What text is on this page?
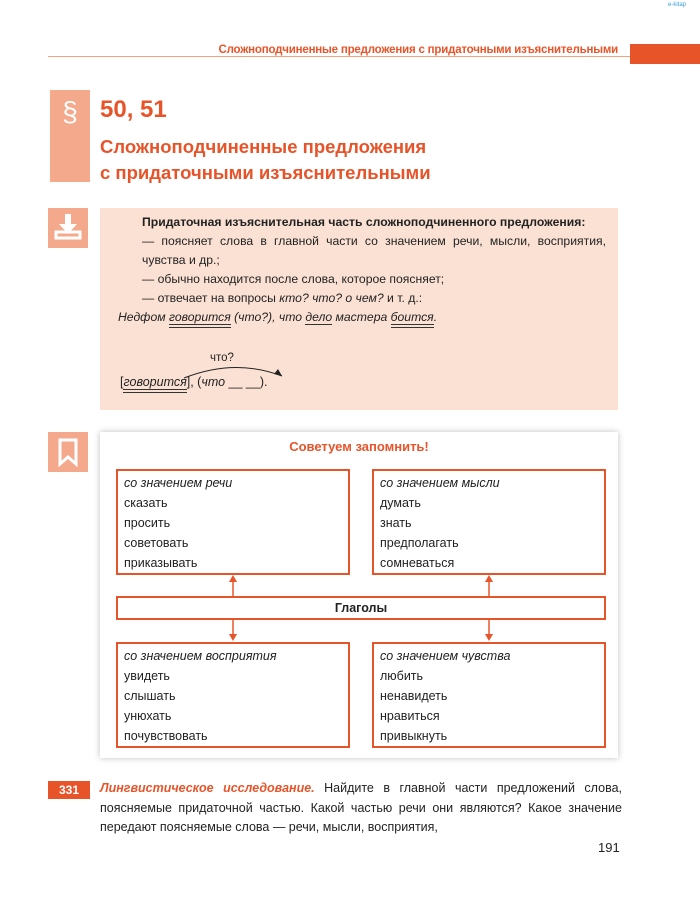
e-kitap
Сложноподчиненные предложения с придаточными изъяснительными
§ 50, 51
Сложноподчиненные предложения
с придаточными изъяснительными

Придаточная изъяснительная часть сложноподчиненного предложения:

— поясняет слова в главной части со значением речи, мысли, восприятия, чувства и др.;

— обычно находится после слова, которое поясняет;

— отвечает на вопросы кто? что? о чем? и т. д.:

Недфом говорится (что?), что дело мастера боится.

что?
[говорится], (что __ __).
Советуем запомнить!
со значением речи
сказать
просить
советовать
приказывать
со значением мысли
думать
знать
предполагать
сомневаться
Глаголы
со значением восприятия
увидеть
слышать
унюхать
почувствовать
со значением чувства
любить
ненавидеть
нравиться
привыкнуть
331	Лингвистическое исследование. Найдите в главной части предложений слова, поясняемые придаточной частью. Какой частью речи они являются? Какое значение передают поясняемые слова — речи, мысли, восприятия,
191
